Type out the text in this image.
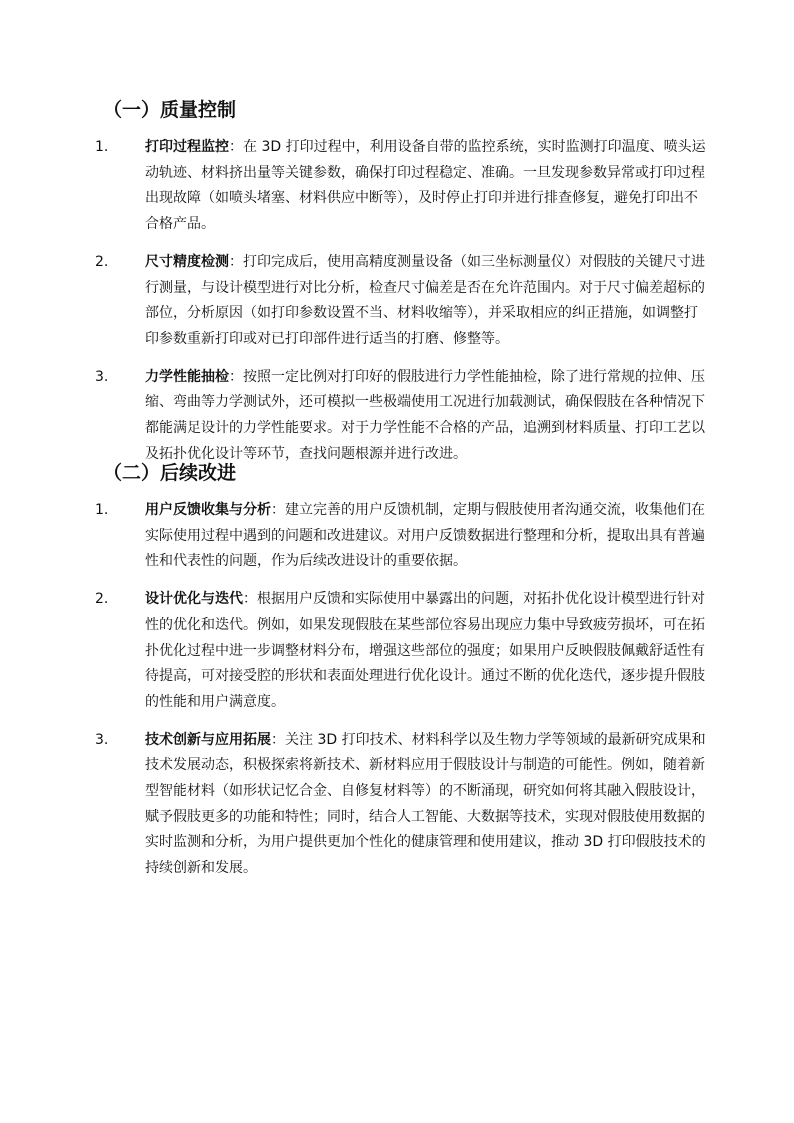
（一）质量控制
1.	打印过程监控：在 3D 打印过程中，利用设备自带的监控系统，实时监测打印温度、喷头运动轨迹、材料挤出量等关键参数，确保打印过程稳定、准确。一旦发现参数异常或打印过程出现故障（如喷头堵塞、材料供应中断等），及时停止打印并进行排查修复，避免打印出不合格产品。
2.	尺寸精度检测：打印完成后，使用高精度测量设备（如三坐标测量仪）对假肢的关键尺寸进行测量，与设计模型进行对比分析，检查尺寸偏差是否在允许范围内。对于尺寸偏差超标的部位，分析原因（如打印参数设置不当、材料收缩等），并采取相应的纠正措施，如调整打印参数重新打印或对已打印部件进行适当的打磨、修整等。
3.	力学性能抽检：按照一定比例对打印好的假肢进行力学性能抽检，除了进行常规的拉伸、压缩、弯曲等力学测试外，还可模拟一些极端使用工况进行加载测试，确保假肢在各种情况下都能满足设计的力学性能要求。对于力学性能不合格的产品，追溯到材料质量、打印工艺以及拓扑优化设计等环节，查找问题根源并进行改进。
（二）后续改进
1.	用户反馈收集与分析：建立完善的用户反馈机制，定期与假肢使用者沟通交流，收集他们在实际使用过程中遇到的问题和改进建议。对用户反馈数据进行整理和分析，提取出具有普遍性和代表性的问题，作为后续改进设计的重要依据。
2.	设计优化与迭代：根据用户反馈和实际使用中暴露出的问题，对拓扑优化设计模型进行针对性的优化和迭代。例如，如果发现假肢在某些部位容易出现应力集中导致疲劳损坏，可在拓扑优化过程中进一步调整材料分布，增强这些部位的强度；如果用户反映假肢佩戴舒适性有待提高，可对接受腔的形状和表面处理进行优化设计。通过不断的优化迭代，逐步提升假肢的性能和用户满意度。
3.	技术创新与应用拓展：关注 3D 打印技术、材料科学以及生物力学等领域的最新研究成果和技术发展动态，积极探索将新技术、新材料应用于假肢设计与制造的可能性。例如，随着新型智能材料（如形状记忆合金、自修复材料等）的不断涌现，研究如何将其融入假肢设计，赋予假肢更多的功能和特性；同时，结合人工智能、大数据等技术，实现对假肢使用数据的实时监测和分析，为用户提供更加个性化的健康管理和使用建议，推动 3D 打印假肢技术的持续创新和发展。
